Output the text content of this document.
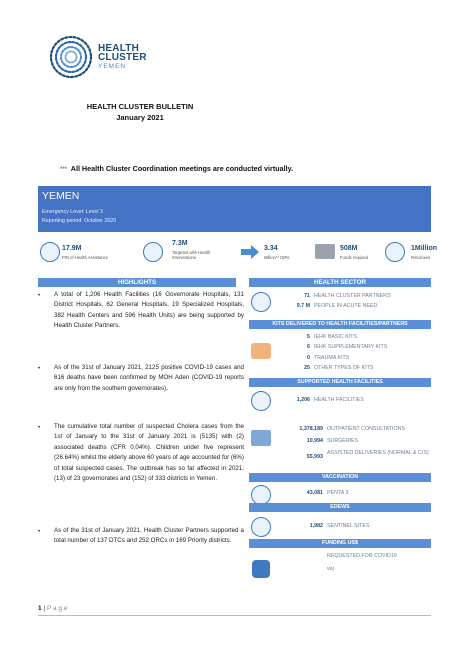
HEALTH
CLUSTER
YEMEN
HEALTH CLUSTER BULLETIN
January 2021
*** All Health Cluster Coordination meetings are conducted virtually.
YEMEN
Emergency Level: Level 3
Reporting period: October 2020
17.9M
PIN of Health Assistance
7.3M
Targeted with Health Interventions
3.34
Million** IDPs
508M
Funds required
1Million
Returnees
HIGHLIGHTS
• A total of 1,206 Health Facilities (16 Governorate Hospitals, 131 District Hospitals, 62 General Hospitals, 19 Specialized Hospitals, 382 Health Centers and 596 Health Units) are being supported by Health Cluster Partners.
• As of the 31st of January 2021, 2125 positive COVID-19 cases and 616 deaths have been confirmed by MOH Aden (COVID-19 reports are only from the southern governorates).
• The cumulative total number of suspected Cholera cases from the 1st of January to the 31st of January 2021 is (5135) with (2) associated deaths (CFR 0.04%). Children under five represent (26.64%) whilst the elderly above 60 years of age accounted for (6%) of total suspected cases. The outbreak has so far affected in 2021: (13) of 23 governorates and (152) of 333 districts in Yemen.
• As of the 31st of January 2021, Health Cluster Partners supported a total number of 137 DTCs and 252 ORCs in 169 Priority districts.
HEALTH SECTOR
71 HEALTH CLUSTER PARTNERS
9.7 M PEOPLE IN ACUTE NEED
KITS DELIVERED TO HEALTH FACILITIES/PARTNERS
5 IEHK BASIC KITS
6 IEHK SUPPLEMENTARY KITS
0 TRAUMA KITS
25 OTHER TYPES OF KITS
SUPPORTED HEALTH FACILITIES
1,206 HEALTH FACILITIES
1,378,189 OUTPATIENT CONSULTATIONS
10,994 SURGERIES
55,993
ASSISTED DELIVERIES (NORMAL & C/S)
VACCINATION
43,081 PENTA 3
EDEWS
1,982 SENTINEL SITES
FUNDING US$
REQUESTED FOR COVID19
va)
1 | P a g e
